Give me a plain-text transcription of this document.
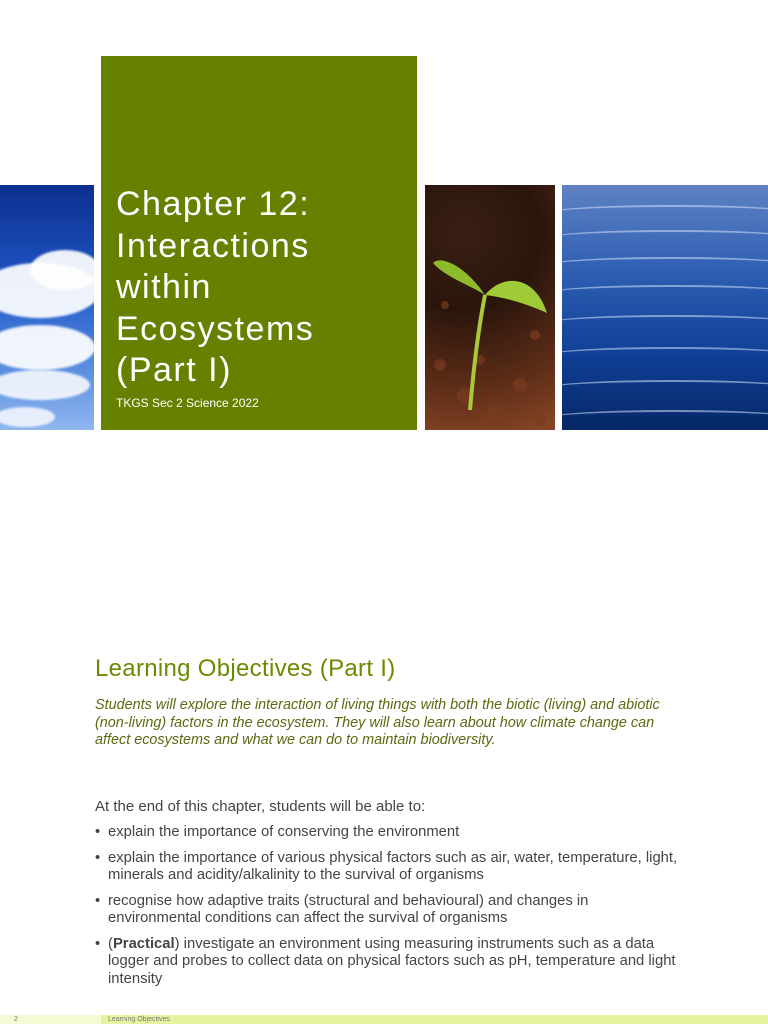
Chapter 12:
Interactions
within
Ecosystems
(Part I)
TKGS Sec 2 Science 2022
Learning Objectives (Part I)

Students will explore the interaction of living things with both the biotic (living) and abiotic (non-living) factors in the ecosystem. They will also learn about how climate change can affect ecosystems and what we can do to maintain biodiversity.

At the end of this chapter, students will be able to:

• explain the importance of conserving the environment
• explain the importance of various physical factors such as air, water, temperature, light, minerals and acidity/alkalinity to the survival of organisms
• recognise how adaptive traits (structural and behavioural) and changes in environmental conditions can affect the survival of organisms
• (Practical) investigate an environment using measuring instruments such as a data logger and probes to collect data on physical factors such as pH, temperature and light intensity
2	Learning Objectives
